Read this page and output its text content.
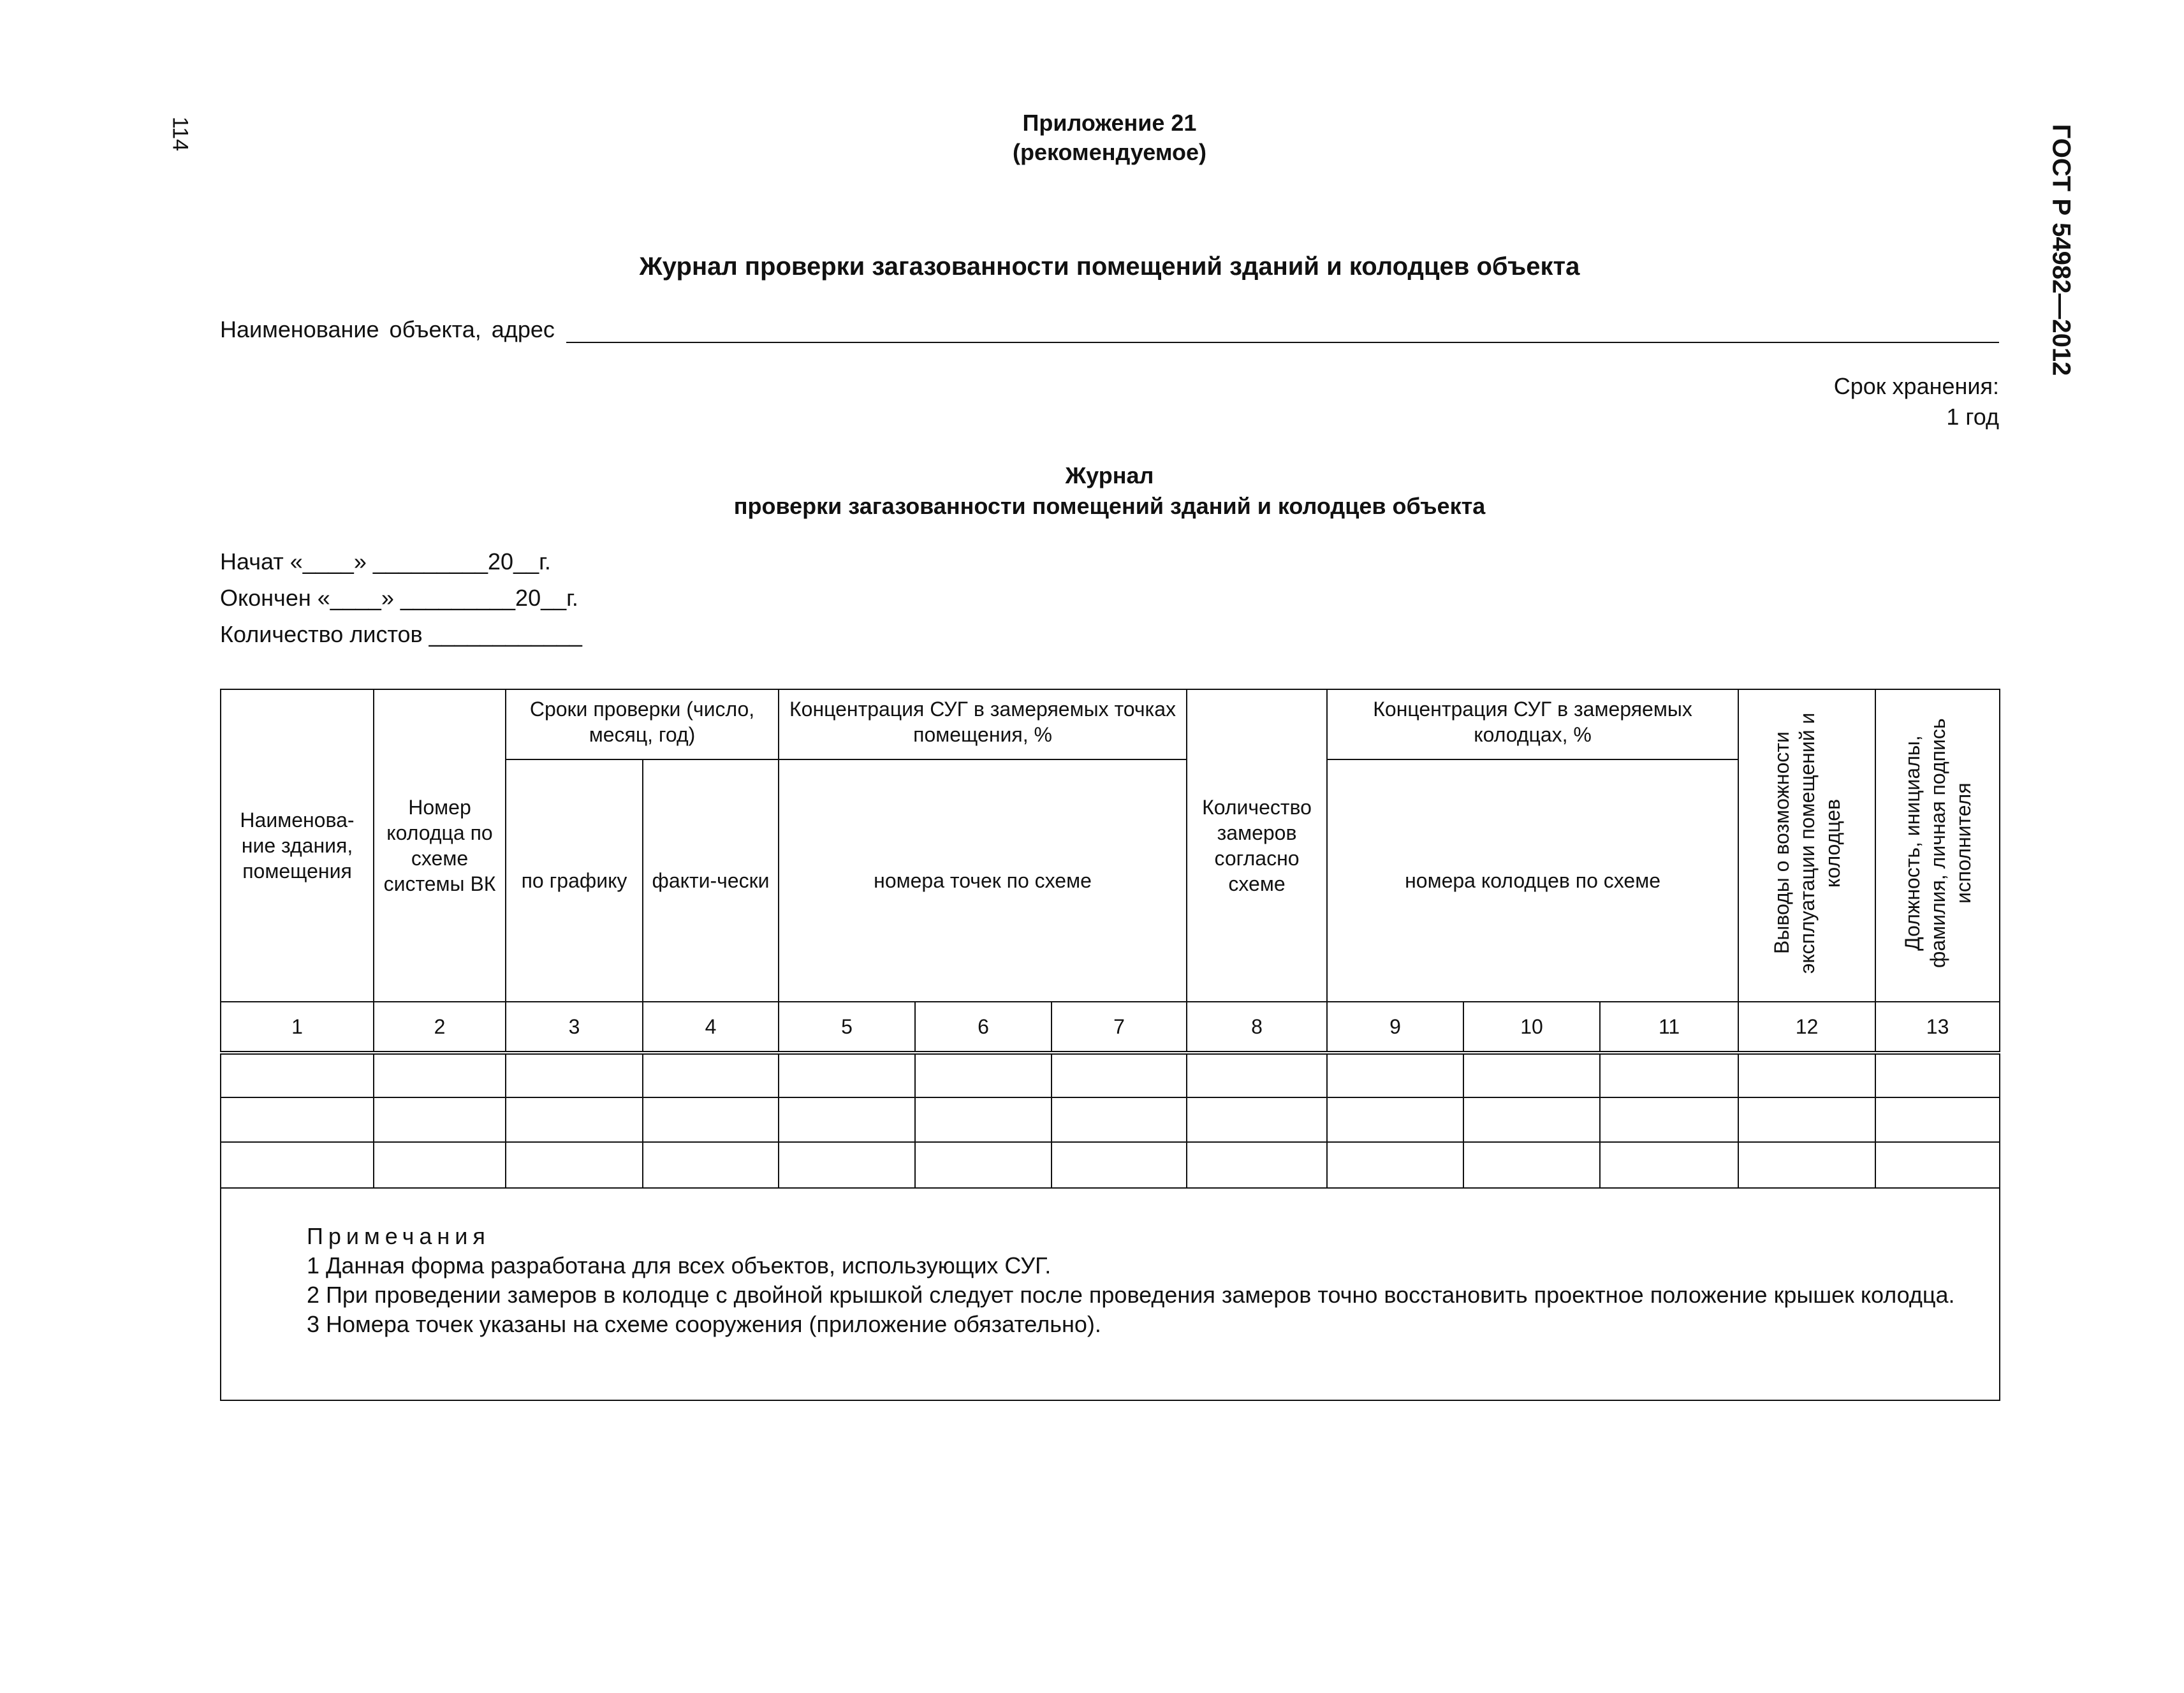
114	ГОСТ Р 54982—2012
Приложение 21
(рекомендуемое)
Журнал проверки загазованности помещений зданий и колодцев объекта
Наименование объекта, адрес
Срок хранения:
1 год
Журнал
проверки загазованности помещений зданий и колодцев объекта
Начат «____» _________20__г.
Окончен «____» _________20__г.
Количество листов ____________
Наименова-ние здания, помещения	Номер колодца по схеме системы ВК	Сроки проверки (число, месяц, год)		Концентрация СУГ в замеряемых точках помещения, %			Количество замеров согласно схеме	Концентрация СУГ в замеряемых колодцах, %			Выводы о возможности эксплуатации помещений и колодцев	Должность, инициалы, фамилия, личная подпись исполнителя
		по графику	факти-чески	номера точек по схеме				номера колодцев по схеме				
1	2	3	4	5	6	7	8	9	10	11	12	13

Примечания
1 Данная форма разработана для всех объектов, использующих СУГ.
2 При проведении замеров в колодце с двойной крышкой следует после проведения замеров точно восстановить проектное положение крышек колодца.
3 Номера точек указаны на схеме сооружения (приложение обязательно).												
